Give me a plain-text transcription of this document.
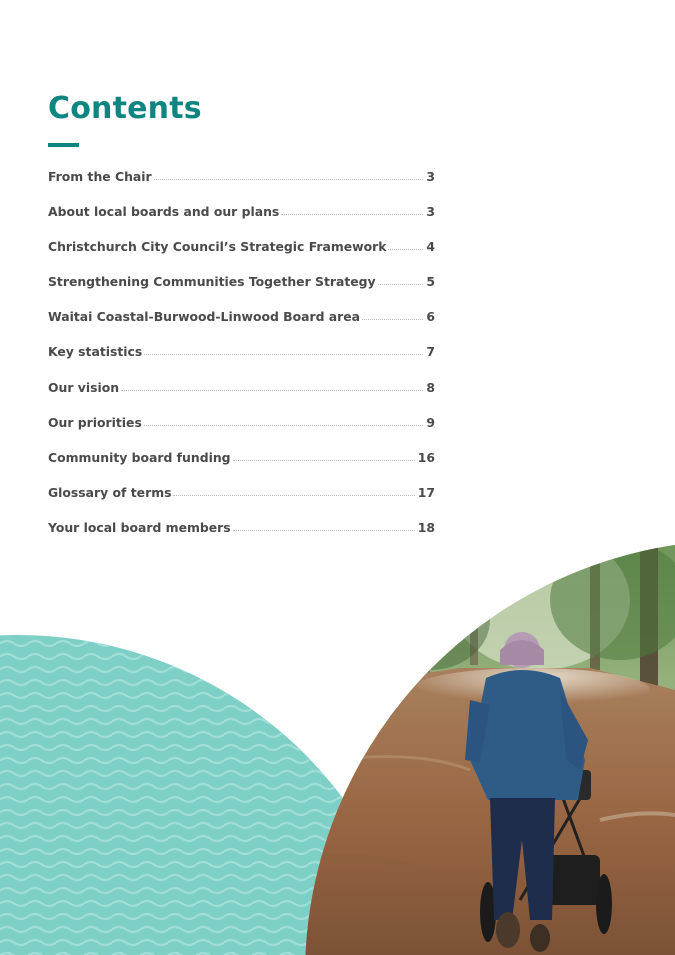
Contents
From the Chair	3
About local boards and our plans	3
Christchurch City Council’s Strategic Framework	4
Strengthening Communities Together Strategy	5
Waitai Coastal-Burwood-Linwood Board area	6
Key statistics	7
Our vision	8
Our priorities	9
Community board funding	16
Glossary of terms	17
Your local board members	18
